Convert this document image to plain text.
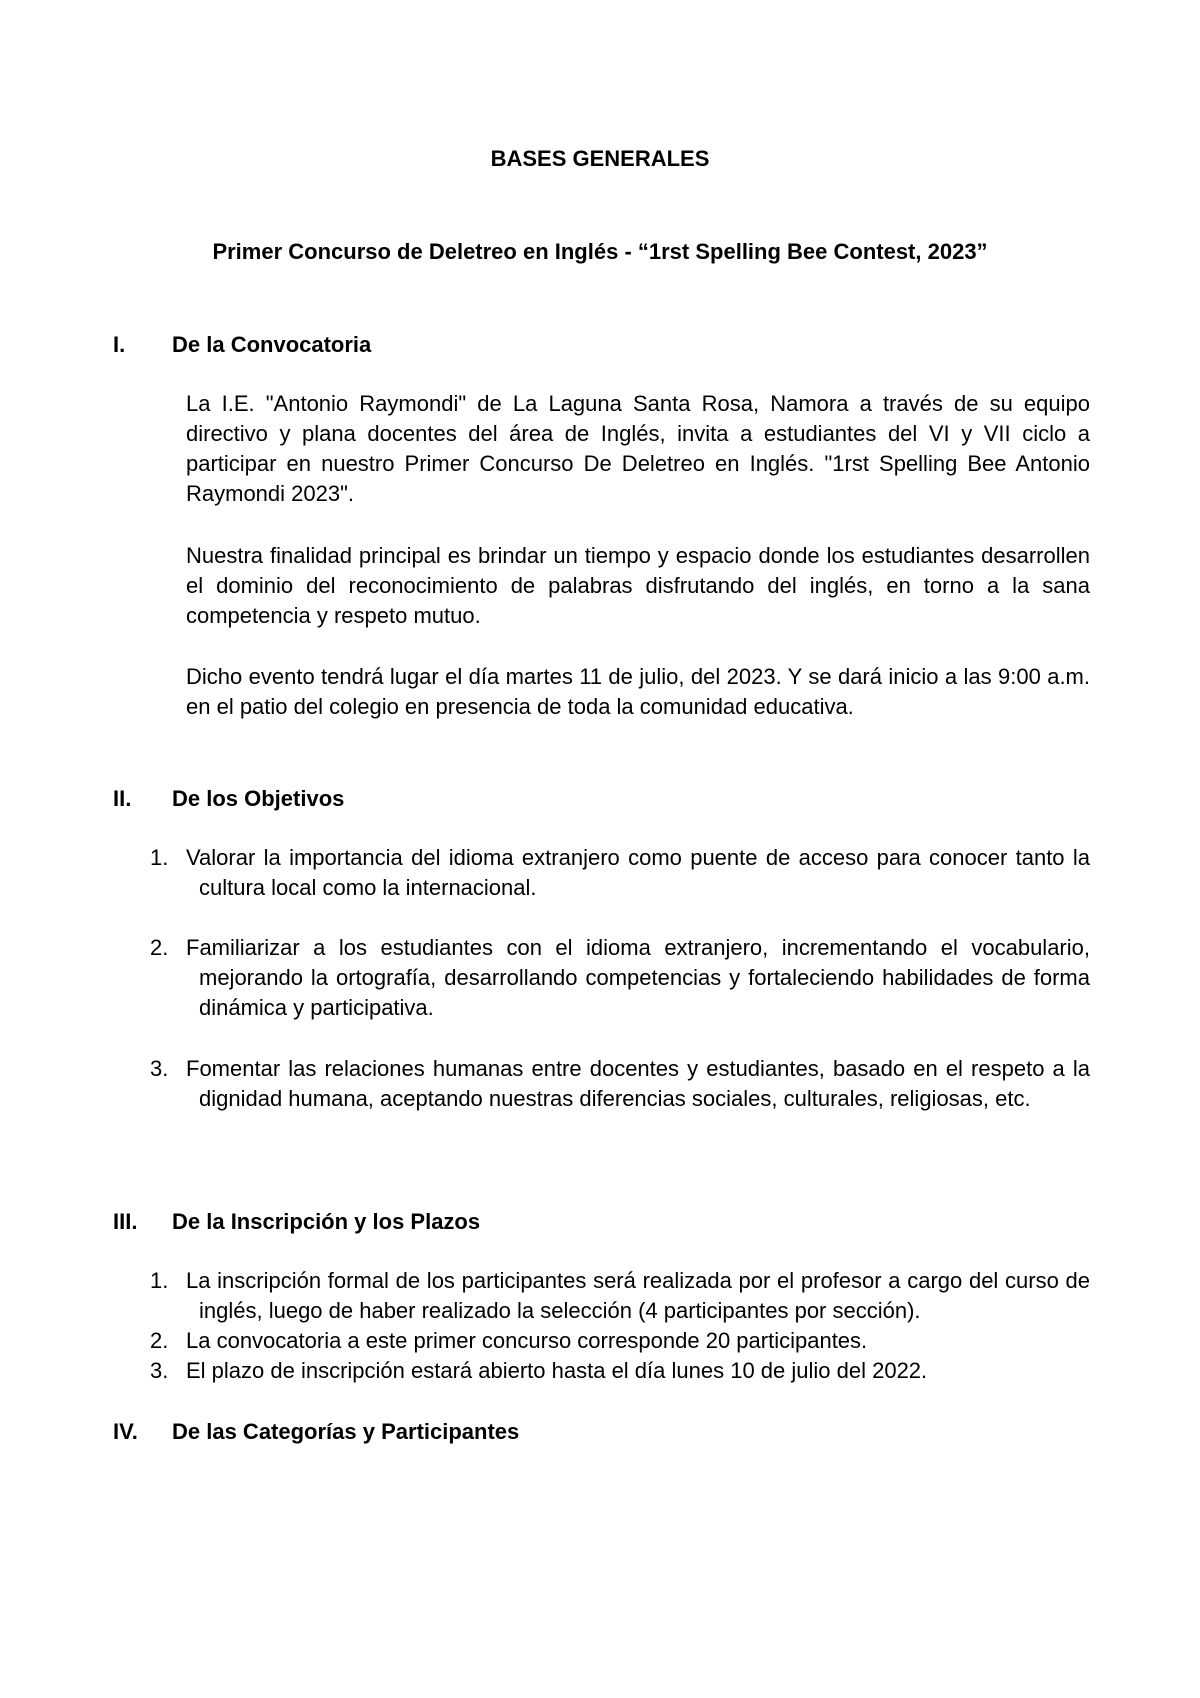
BASES GENERALES
Primer Concurso de Deletreo en Inglés - “1rst Spelling Bee Contest, 2023”
I. De la Convocatoria

La I.E. "Antonio Raymondi" de La Laguna Santa Rosa, Namora a través de su equipo directivo y plana docentes del área de Inglés, invita a estudiantes del VI y VII ciclo a participar en nuestro Primer Concurso De Deletreo en Inglés. "1rst Spelling Bee Antonio Raymondi 2023".

Nuestra finalidad principal es brindar un tiempo y espacio donde los estudiantes desarrollen el dominio del reconocimiento de palabras disfrutando del inglés, en torno a la sana competencia y respeto mutuo.

Dicho evento tendrá lugar el día martes 11 de julio, del 2023. Y se dará inicio a las 9:00 a.m. en el patio del colegio en presencia de toda la comunidad educativa.

II. De los Objetivos
1. Valorar la importancia del idioma extranjero como puente de acceso para conocer tanto la cultura local como la internacional.
2. Familiarizar a los estudiantes con el idioma extranjero, incrementando el vocabulario, mejorando la ortografía, desarrollando competencias y fortaleciendo habilidades de forma dinámica y participativa.
3. Fomentar las relaciones humanas entre docentes y estudiantes, basado en el respeto a la dignidad humana, aceptando nuestras diferencias sociales, culturales, religiosas, etc.
III. De la Inscripción y los Plazos
1. La inscripción formal de los participantes será realizada por el profesor a cargo del curso de inglés, luego de haber realizado la selección (4 participantes por sección).
2. La convocatoria a este primer concurso corresponde 20 participantes.
3. El plazo de inscripción estará abierto hasta el día lunes 10 de julio del 2022.
IV. De las Categorías y Participantes
